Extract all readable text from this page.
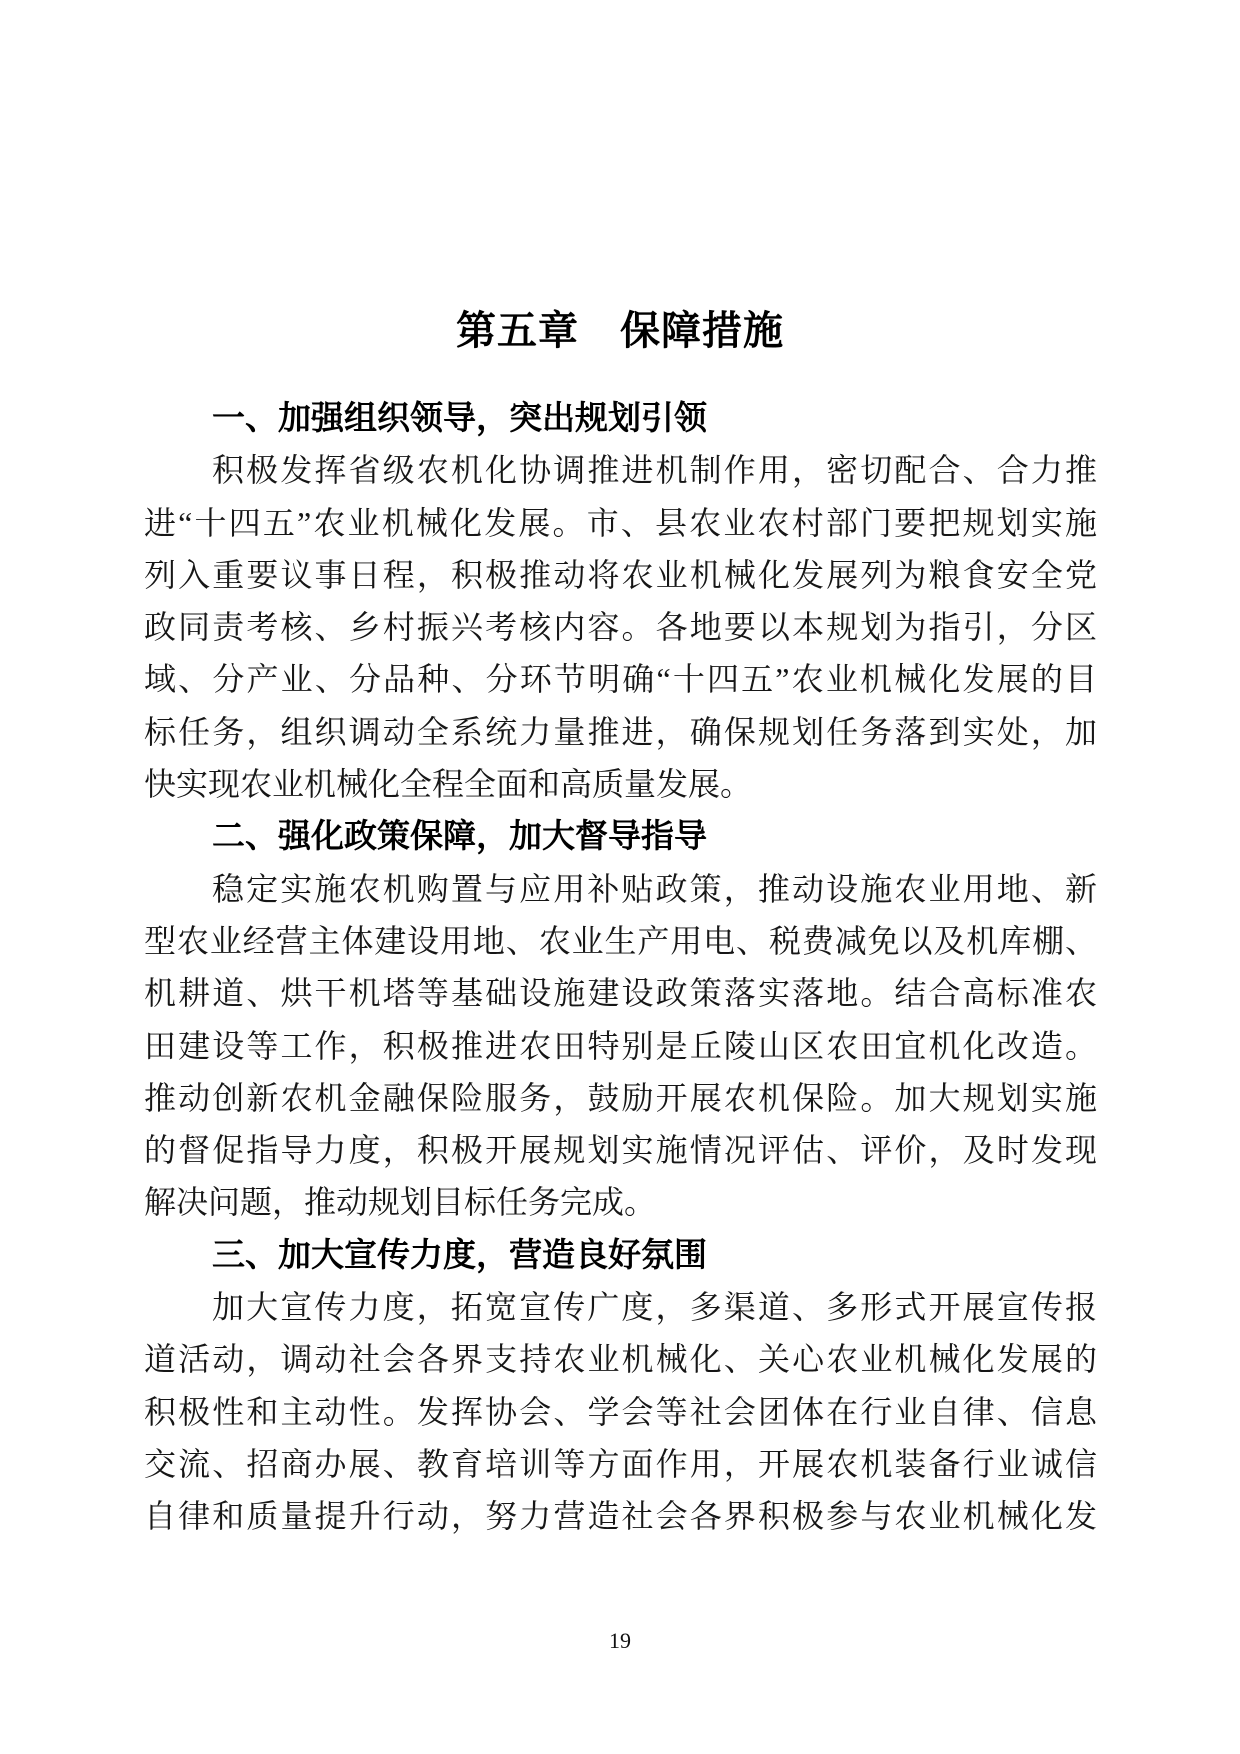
第五章　保障措施
一、加强组织领导，突出规划引领

积极发挥省级农机化协调推进机制作用，密切配合、合力推

进“十四五”农业机械化发展。市、县农业农村部门要把规划实施

列入重要议事日程，积极推动将农业机械化发展列为粮食安全党

政同责考核、乡村振兴考核内容。各地要以本规划为指引，分区

域、分产业、分品种、分环节明确“十四五”农业机械化发展的目

标任务，组织调动全系统力量推进，确保规划任务落到实处，加

快实现农业机械化全程全面和高质量发展。

二、强化政策保障，加大督导指导

稳定实施农机购置与应用补贴政策，推动设施农业用地、新

型农业经营主体建设用地、农业生产用电、税费减免以及机库棚、

机耕道、烘干机塔等基础设施建设政策落实落地。结合高标准农

田建设等工作，积极推进农田特别是丘陵山区农田宜机化改造。

推动创新农机金融保险服务，鼓励开展农机保险。加大规划实施

的督促指导力度，积极开展规划实施情况评估、评价，及时发现

解决问题，推动规划目标任务完成。

三、加大宣传力度，营造良好氛围

加大宣传力度，拓宽宣传广度，多渠道、多形式开展宣传报

道活动，调动社会各界支持农业机械化、关心农业机械化发展的

积极性和主动性。发挥协会、学会等社会团体在行业自律、信息

交流、招商办展、教育培训等方面作用，开展农机装备行业诚信

自律和质量提升行动，努力营造社会各界积极参与农业机械化发

19
